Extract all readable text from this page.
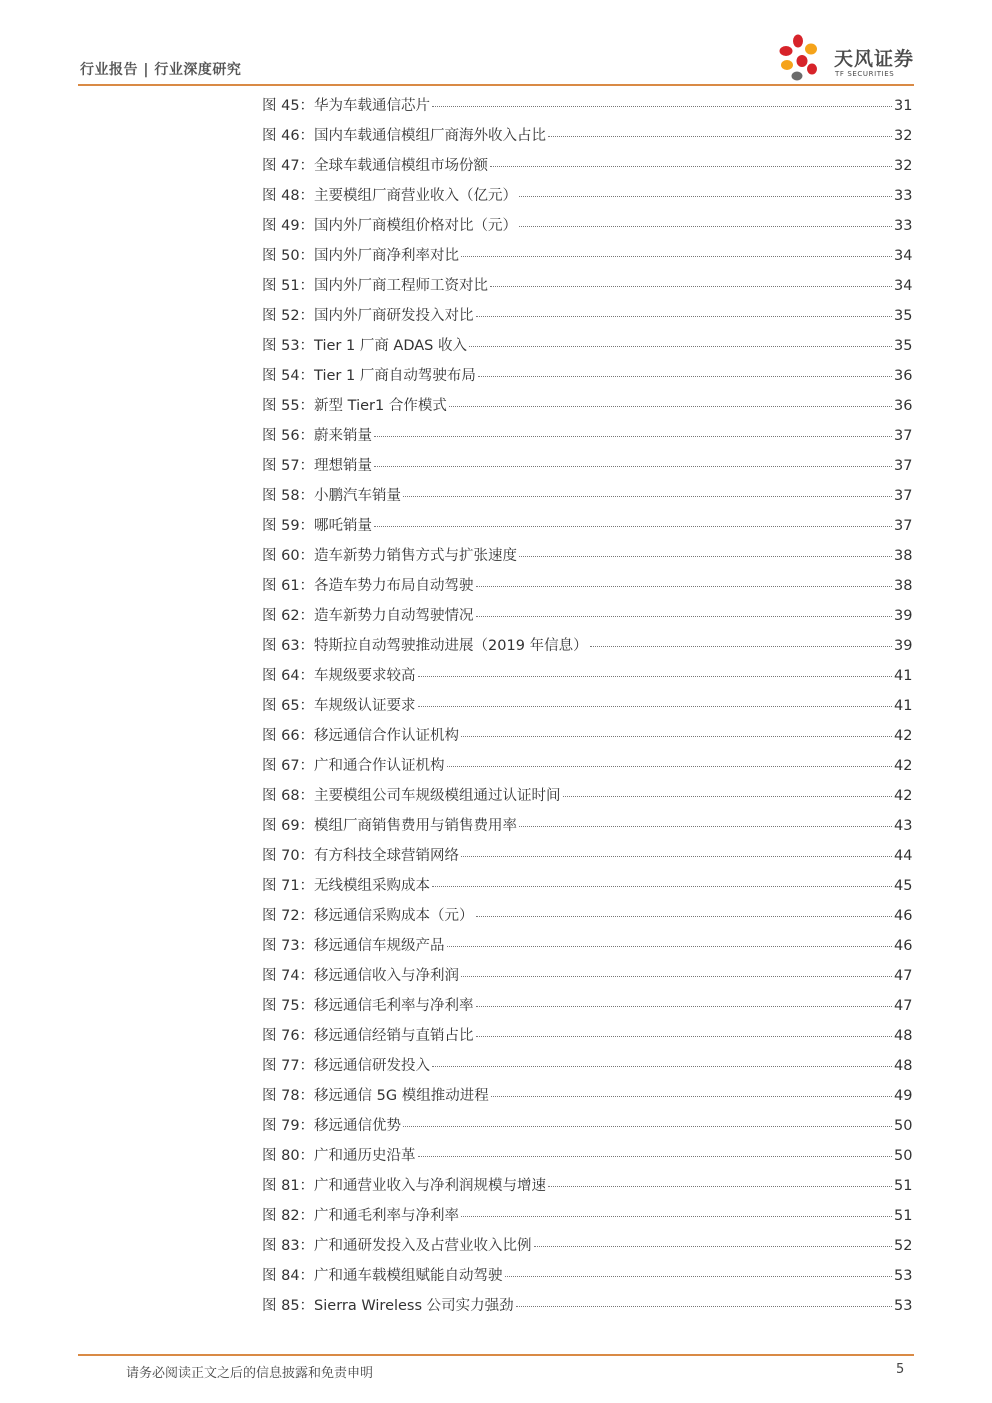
行业报告 | 行业深度研究	天风证券
TF SECURITIES
图 45：华为车载通信芯片	31
图 46：国内车载通信模组厂商海外收入占比	32
图 47：全球车载通信模组市场份额	32
图 48：主要模组厂商营业收入（亿元）	33
图 49：国内外厂商模组价格对比（元）	33
图 50：国内外厂商净利率对比	34
图 51：国内外厂商工程师工资对比	34
图 52：国内外厂商研发投入对比	35
图 53：Tier 1 厂商 ADAS 收入	35
图 54：Tier 1 厂商自动驾驶布局	36
图 55：新型 Tier1 合作模式	36
图 56：蔚来销量	37
图 57：理想销量	37
图 58：小鹏汽车销量	37
图 59：哪吒销量	37
图 60：造车新势力销售方式与扩张速度	38
图 61：各造车势力布局自动驾驶	38
图 62：造车新势力自动驾驶情况	39
图 63：特斯拉自动驾驶推动进展（2019 年信息）	39
图 64：车规级要求较高	41
图 65：车规级认证要求	41
图 66：移远通信合作认证机构	42
图 67：广和通合作认证机构	42
图 68：主要模组公司车规级模组通过认证时间	42
图 69：模组厂商销售费用与销售费用率	43
图 70：有方科技全球营销网络	44
图 71：无线模组采购成本	45
图 72：移远通信采购成本（元）	46
图 73：移远通信车规级产品	46
图 74：移远通信收入与净利润	47
图 75：移远通信毛利率与净利率	47
图 76：移远通信经销与直销占比	48
图 77：移远通信研发投入	48
图 78：移远通信 5G 模组推动进程	49
图 79：移远通信优势	50
图 80：广和通历史沿革	50
图 81：广和通营业收入与净利润规模与增速	51
图 82：广和通毛利率与净利率	51
图 83：广和通研发投入及占营业收入比例	52
图 84：广和通车载模组赋能自动驾驶	53
图 85：Sierra Wireless 公司实力强劲	53
请务必阅读正文之后的信息披露和免责申明	5
